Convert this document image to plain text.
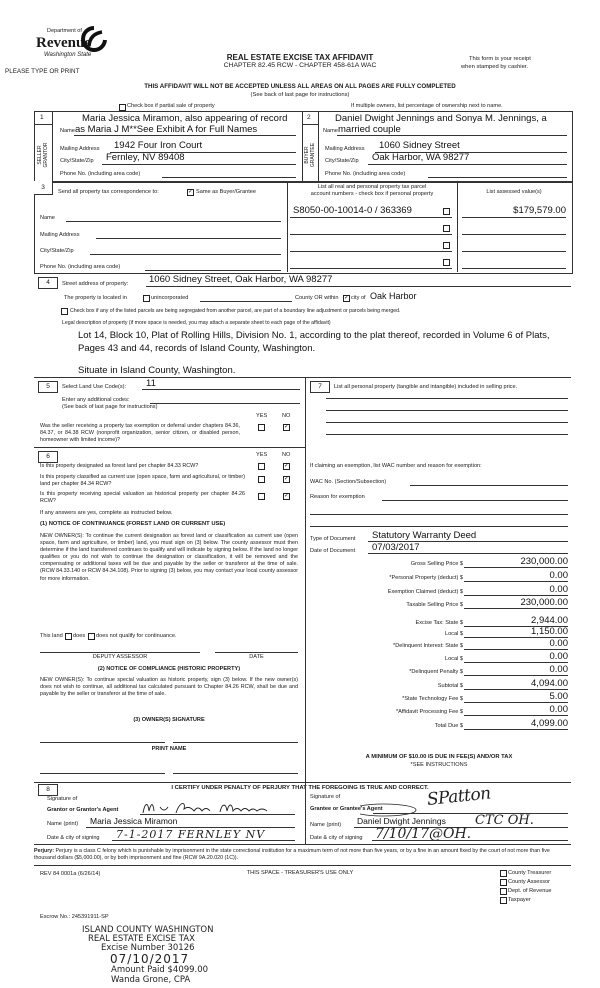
Department of
Revenue
Washington State
PLEASE TYPE OR PRINT
REAL ESTATE EXCISE TAX AFFIDAVIT
CHAPTER 82.45 RCW - CHAPTER 458-61A WAC
This form is your receipt
when stamped by cashier.
THIS AFFIDAVIT WILL NOT BE ACCEPTED UNLESS ALL AREAS ON ALL PAGES ARE FULLY COMPLETED
(See back of last page for instructions)
Check box if partial sale of property	If multiple owners, list percentage of ownership next to name.
1
SELLER
GRANTOR
Maria Jessica Miramon, also appearing of record
Name as Maria J M**See Exhibit A for Full Names
Mailing Address 1942 Four Iron Court
City/State/Zip Fernley, NV 89408
Phone No. (including area code)
2
BUYER
GRANTEE
Daniel Dwight Jennings and Sonya M. Jennings, a
Name married couple
Mailing Address 1060 Sidney Street
City/State/Zip Oak Harbor, WA 98277
Phone No. (including area code)
3
Send all property tax correspondence to:	✓ Same as Buyer/Grantee
Name
Mailing Address
City/State/Zip
Phone No. (including area code)
List all real and personal property tax parcel
account numbers - check box if personal property	List assessed value(s)
S8050-00-10014-0 / 363369	$179,579.00
4	Street address of property: 1060 Sidney Street, Oak Harbor, WA 98277
The property is located in	unincorporated	County OR within ✓ city of Oak Harbor
Check box if any of the listed parcels are being segregated from another parcel, are part of a boundary line adjustment or parcels being merged.
Legal description of property (if more space is needed, you may attach a separate sheet to each page of the affidavit)
Lot 14, Block 10, Plat of Rolling Hills, Division No. 1, according to the plat thereof, recorded in Volume 6 of Plats,
Pages 43 and 44, records of Island County, Washington.
Situate in Island County, Washington.
5	Select Land Use Code(s): 11
Enter any additional codes:
(See back of last page for instructions)
YES	NO
Was the seller receiving a property tax exemption or deferral under chapters 84.36, 84.37, or 84.38 RCW (nonprofit organization, senior citizen, or disabled person, homeowner with limited income)?
✓
6	YES	NO
Is this property designated as forest land per chapter 84.33 RCW?	✓
Is this property classified as current use (open space, farm and agricultural, or timber) land per chapter 84.34 RCW?
✓
Is this property receiving special valuation as historical property per chapter 84.26 RCW?
✓
If any answers are yes, complete as instructed below.
(1) NOTICE OF CONTINUANCE (FOREST LAND OR CURRENT USE)
NEW OWNER(S): To continue the current designation as forest land or classification as current use (open space, farm and agriculture, or timber) land, you must sign on (3) below. The county assessor must then determine if the land transferred continues to qualify and will indicate by signing below. If the land no longer qualifies or you do not wish to continue the designation or classification, it will be removed and the compensating or additional taxes will be due and payable by the seller or transferor at the time of sale. (RCW 84.33.140 or RCW 84.34.108). Prior to signing (3) below, you may contact your local county assessor for more information.
This land does does not qualify for continuance.
DEPUTY ASSESSOR	DATE
(2) NOTICE OF COMPLIANCE (HISTORIC PROPERTY)
NEW OWNER(S): To continue special valuation as historic property, sign (3) below. If the new owner(s) does not wish to continue, all additional tax calculated pursuant to Chapter 84.26 RCW, shall be due and payable by the seller or transferor at the time of sale.
(3) OWNER(S) SIGNATURE
PRINT NAME
7	List all personal property (tangible and intangible) included in selling price.
If claiming an exemption, list WAC number and reason for exemption:
WAC No. (Section/Subsection)
Reason for exemption
Type of Document Statutory Warranty Deed
Date of Document 07/03/2017
Gross Selling Price $	230,000.00
*Personal Property (deduct) $	0.00
Exemption Claimed (deduct) $	0.00
Taxable Selling Price $	230,000.00
Excise Tax: State $	2,944.00
Local $	1,150.00
*Delinquent Interest: State $	0.00
Local $	0.00
*Delinquent Penalty $	0.00
Subtotal $	4,094.00
*State Technology Fee $	5.00
*Affidavit Processing Fee $	0.00
Total Due $	4,099.00
A MINIMUM OF $10.00 IS DUE IN FEE(S) AND/OR TAX
*SEE INSTRUCTIONS
8	I CERTIFY UNDER PENALTY OF PERJURY THAT THE FOREGOING IS TRUE AND CORRECT.
Signature of
Grantor or Grantor's Agent
Name (print) Maria Jessica Miramon
Date & city of signing 7-1-2017 FERNLEY NV
Signature of
Grantee or Grantee's Agent	SPatton
Name (print) Daniel Dwight Jennings CTC OH.
Date & city of signing 7/10/17@OH.
Perjury: Perjury is a class C felony which is punishable by imprisonment in the state correctional institution for a maximum term of not more than five years, or by a fine in an amount fixed by the court of not more than five thousand dollars ($5,000.00), or by both imprisonment and fine (RCW 9A.20.020 (1C)).
REV 84 0001a (6/26/14)	THIS SPACE - TREASURER'S USE ONLY
Escrow No.: 245391911-SP
County Treasurer
County Assessor
Dept. of Revenue
Taxpayer
ISLAND COUNTY WASHINGTON
REAL ESTATE EXCISE TAX
Excise Number 30126
07/10/2017
Amount Paid $4099.00
Wanda Grone, CPA
